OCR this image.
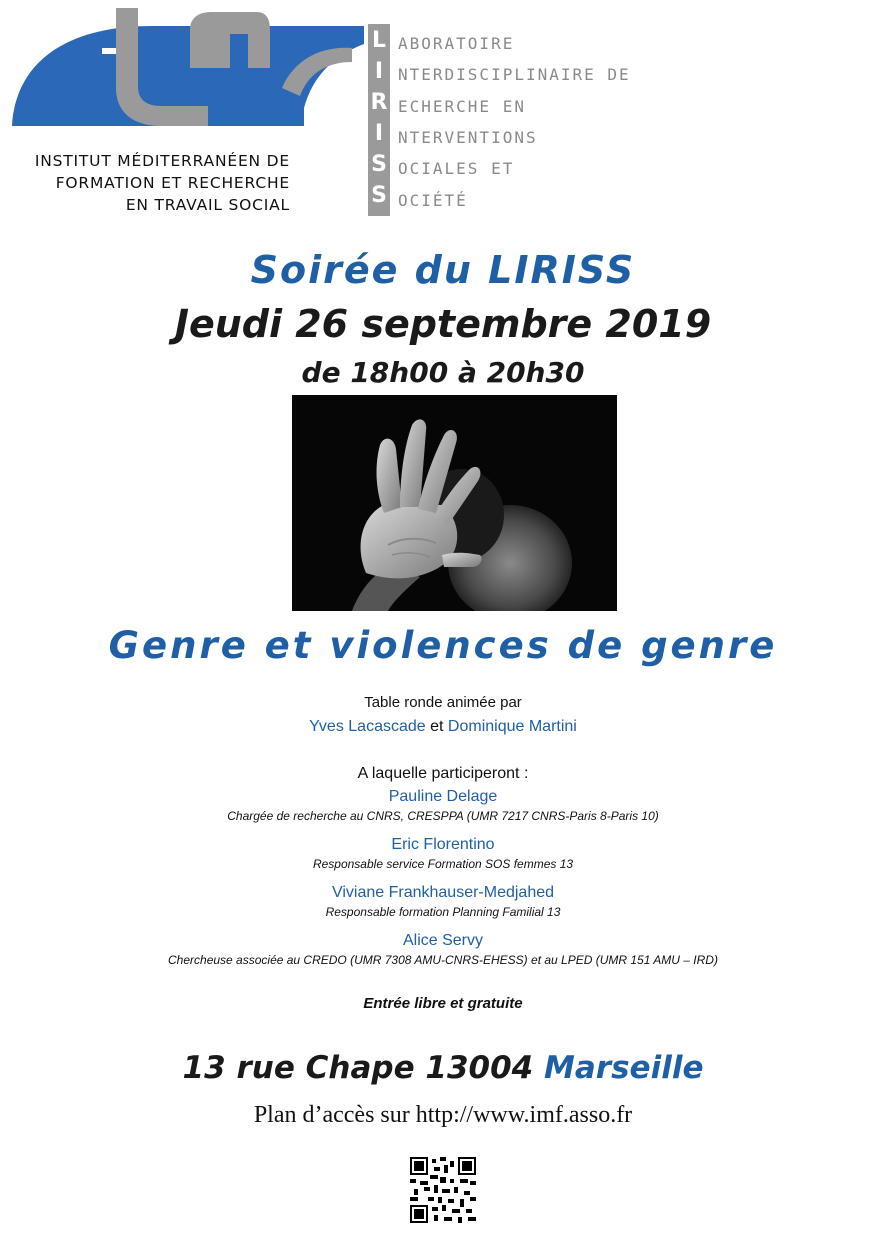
INSTITUT MÉDITERRANÉEN DE
FORMATION ET RECHERCHE
EN TRAVAIL SOCIAL
L
I
R
I
S
S
ABORATOIRE
NTERDISCIPLINAIRE DE
ECHERCHE EN
NTERVENTIONS
OCIALES ET
OCIÉTÉ
Soirée du LIRISS
Jeudi 26 septembre 2019
de 18h00 à 20h30
Genre et violences de genre
Table ronde animée par
Yves Lacascade et Dominique Martini
A laquelle participeront :
Pauline Delage
Chargée de recherche au CNRS, CRESPPA (UMR 7217 CNRS-Paris 8-Paris 10)
Eric Florentino
Responsable service Formation SOS femmes 13
Viviane Frankhauser-Medjahed
Responsable formation Planning Familial 13
Alice Servy
Chercheuse associée au CREDO (UMR 7308 AMU-CNRS-EHESS) et au LPED (UMR 151 AMU – IRD)
Entrée libre et gratuite
13 rue Chape 13004 Marseille
Plan d’accès sur http://www.imf.asso.fr
